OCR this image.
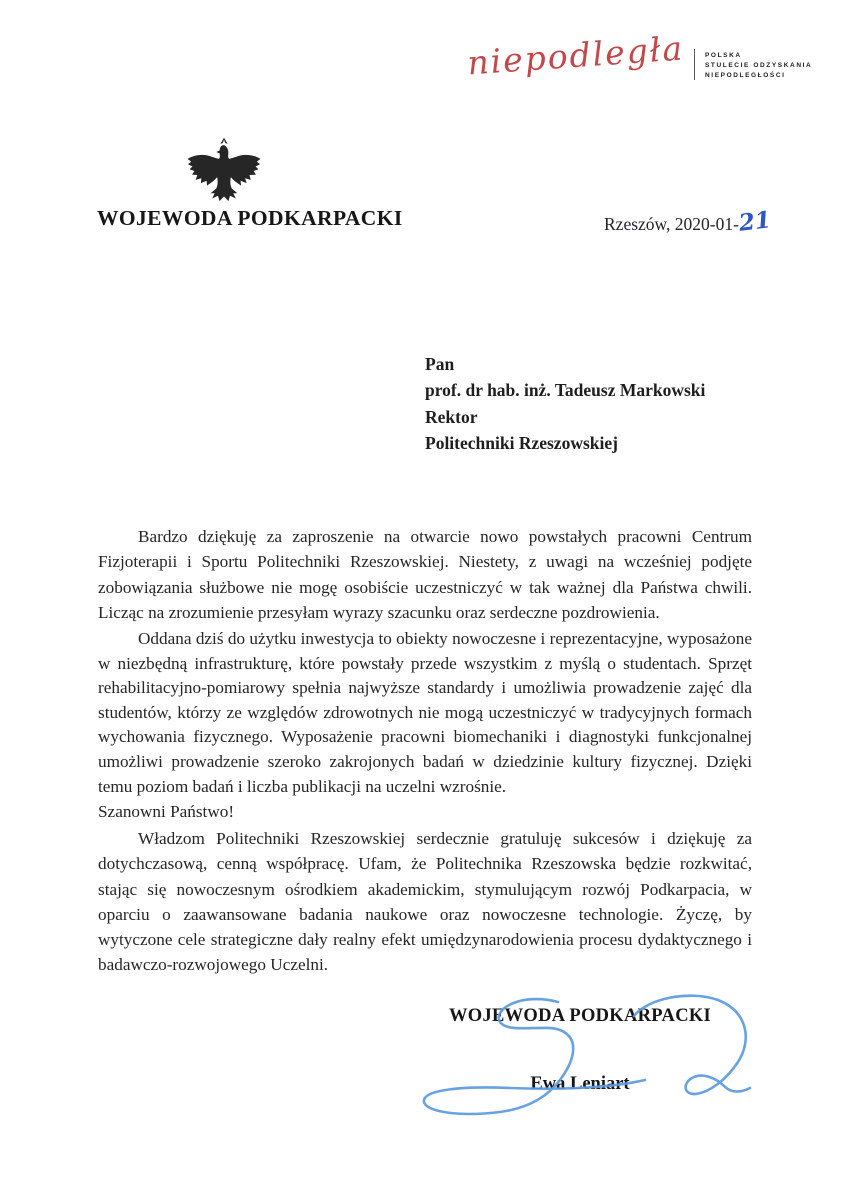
niepodległa	POLSKA
STULECIE ODZYSKANIA
NIEPODLEGŁOŚCI
WOJEWODA PODKARPACKI	Rzeszów, 2020-01-21
Pan
prof. dr hab. inż. Tadeusz Markowski
Rektor
Politechniki Rzeszowskiej

Bardzo dziękuję za zaproszenie na otwarcie nowo powstałych pracowni Centrum Fizjoterapii i Sportu Politechniki Rzeszowskiej. Niestety, z uwagi na wcześniej podjęte zobowiązania służbowe nie mogę osobiście uczestniczyć w tak ważnej dla Państwa chwili. Licząc na zrozumienie przesyłam wyrazy szacunku oraz serdeczne pozdrowienia.

Oddana dziś do użytku inwestycja to obiekty nowoczesne i reprezentacyjne, wyposażone w niezbędną infrastrukturę, które powstały przede wszystkim z myślą o studentach. Sprzęt rehabilitacyjno-pomiarowy spełnia najwyższe standardy i umożliwia prowadzenie zajęć dla studentów, którzy ze względów zdrowotnych nie mogą uczestniczyć w tradycyjnych formach wychowania fizycznego. Wyposażenie pracowni biomechaniki i diagnostyki funkcjonalnej umożliwi prowadzenie szeroko zakrojonych badań w dziedzinie kultury fizycznej. Dzięki temu poziom badań i liczba publikacji na uczelni wzrośnie.

Szanowni Państwo!

Władzom Politechniki Rzeszowskiej serdecznie gratuluję sukcesów i dziękuję za dotychczasową, cenną współpracę. Ufam, że Politechnika Rzeszowska będzie rozkwitać, stając się nowoczesnym ośrodkiem akademickim, stymulującym rozwój Podkarpacia, w oparciu o zaawansowane badania naukowe oraz nowoczesne technologie. Życzę, by wytyczone cele strategiczne dały realny efekt umiędzynarodowienia procesu dydaktycznego i badawczo-rozwojowego Uczelni.

WOJEWODA PODKARPACKI
Ewa Leniart
